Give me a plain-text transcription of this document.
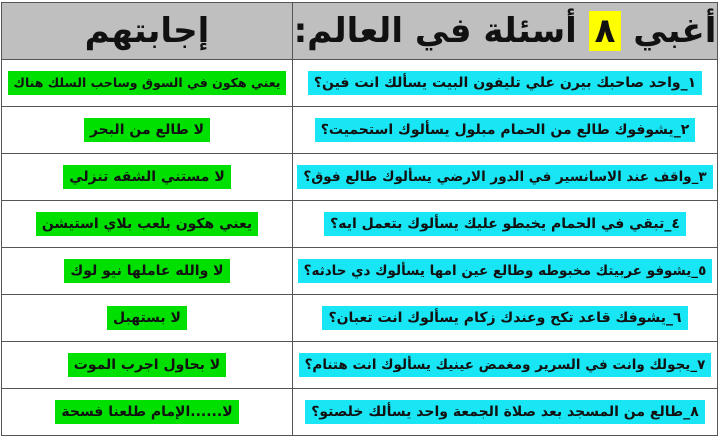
إجابتهم	أغبي ٨ أسئلة في العالم:
يعني هكون في السوق وساحب السلك هناك	١_واحد صاحبك بيرن علي تليفون البيت يسألك انت فين؟
لا طالع من البحر	٢_يشوفوك طالع من الحمام مبلول يسألوك استحميت؟
لا مستني الشقه تنزلي	٣_واقف عند الاسانسير في الدور الارضي يسألوك طالع فوق؟
يعني هكون بلعب بلاي استيشن	٤_تبقي في الحمام يخبطو عليك يسألوك بتعمل ايه؟
لا والله عاملها نيو لوك	٥_يشوفو عربيتك مخبوطه وطالع عين امها يسألوك دي حادثه؟
لا بستهبل	٦_يشوفك قاعد تكح وعندك زكام يسألوك انت تعبان؟
لا بحاول اجرب الموت	٧_يجولك وانت في السرير ومغمض عينيك يسألوك انت هتنام؟
لا......الإمام طلعنا فسحة	٨_طالع من المسجد بعد صلاة الجمعة واحد يسألك خلصتو؟
